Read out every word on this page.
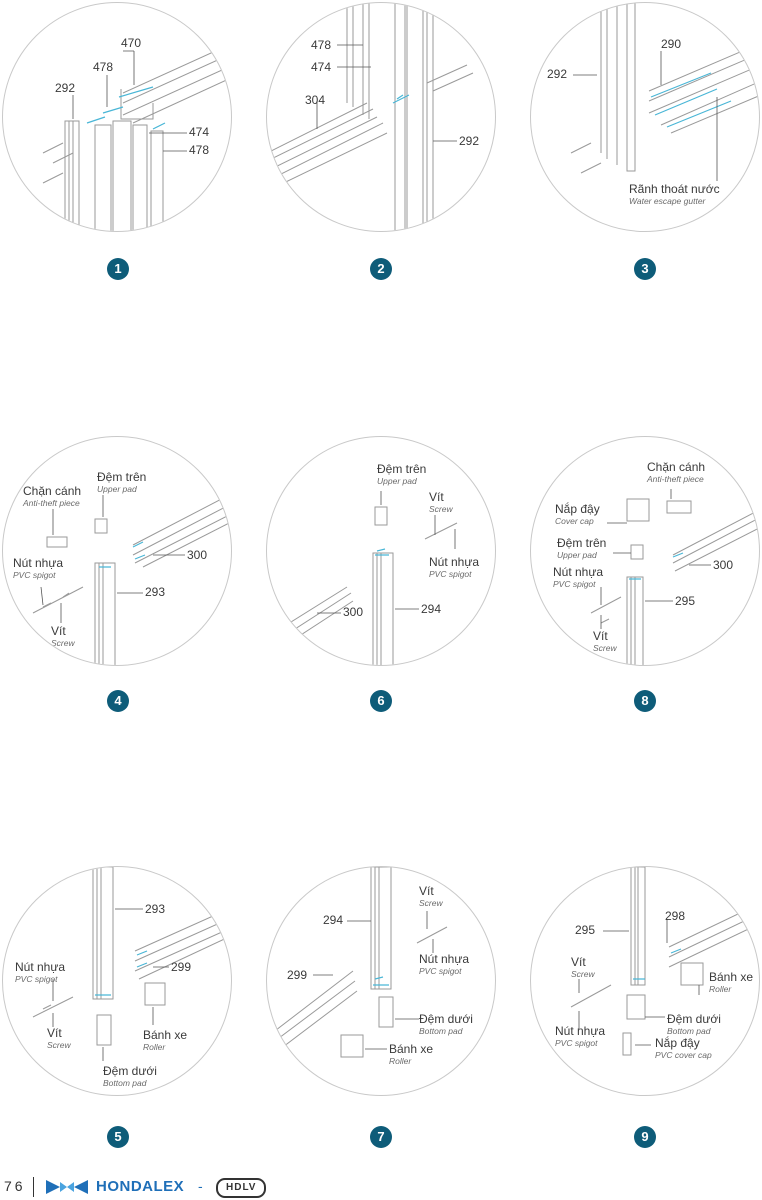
470
478
292
474
478
1
478
474
304
292
2
290
292
Rãnh thoát nước
Water escape gutter
3
Đệm trên
Upper pad
Chặn cánh
Anti-theft piece
300
Nút nhựa
PVC spigot
293
Vít
Screw
4
Đệm trên
Upper pad
Vít
Screw
Nút nhựa
PVC spigot
300	294
6
Chặn cánh
Anti-theft piece
Nắp đậy
Cover cap
Đệm trên
Upper pad
300
Nút nhựa
PVC spigot
295
Vít
Screw
8
293
Nút nhựa
PVC spigot
299
Vít
Screw
Bánh xe
Roller
Đệm dưới
Bottom pad
5
Vít
Screw
294
Nút nhựa
PVC spigot
299
Đệm dưới
Bottom pad
Bánh xe
Roller
7
298
295
Vít
Screw	Bánh xe
Roller
Đệm dưới
Bottom pad
Nút nhựa
PVC spigot	Nắp đậy
PVC cover cap
9
76	HONDALEX -	HDLV
